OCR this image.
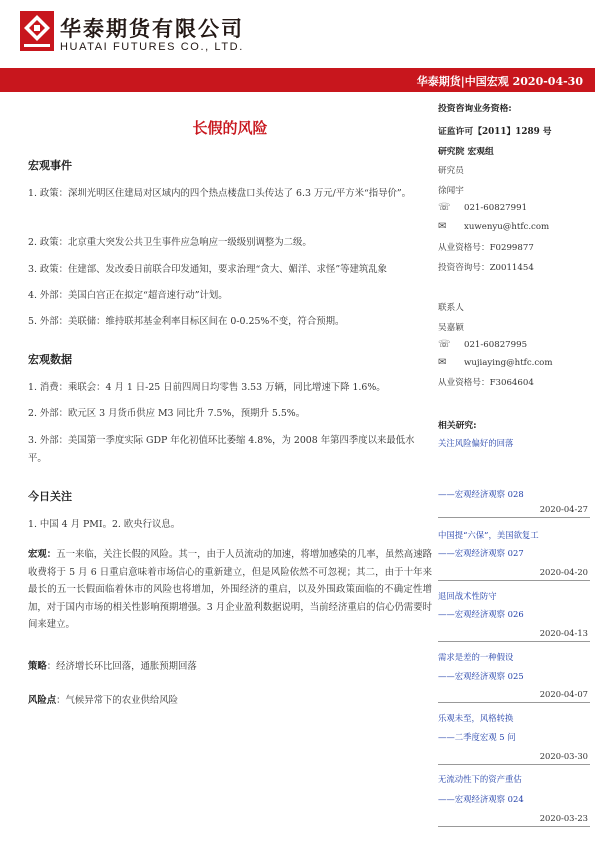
华泰期货有限公司
HUATAI FUTURES CO., LTD.
华泰期货|中国宏观 2020-04-30
长假的风险
宏观事件
1. 政策：深圳光明区住建局对区域内的四个热点楼盘口头传达了 6.3 万元/平方米“指导价”。
2. 政策：北京重大突发公共卫生事件应急响应一级级别调整为二级。
3. 政策：住建部、发改委日前联合印发通知，要求治理“贪大、媚洋、求怪”等建筑乱象
4. 外部：美国白宫正在拟定“超音速行动”计划。
5. 外部：美联储：维持联邦基金利率目标区间在 0-0.25%不变，符合预期。
宏观数据
1. 消费：乘联会：4 月 1 日-25 日前四周日均零售 3.53 万辆，同比增速下降 1.6%。
2. 外部：欧元区 3 月货币供应 M3 同比升 7.5%，预期升 5.5%。
3. 外部：美国第一季度实际 GDP 年化初值环比萎缩 4.8%，为 2008 年第四季度以来最低水平。
今日关注
1. 中国 4 月 PMI。2. 欧央行议息。
宏观：五一来临，关注长假的风险。其一，由于人员流动的加速，将增加感染的几率，虽然高速路收费将于 5 月 6 日重启意味着市场信心的重新建立，但是风险依然不可忽视；其二，由于十年来最长的五一长假面临着休市的风险也将增加，外围经济的重启，以及外围政策面临的不确定性增加，对于国内市场的相关性影响预期增强。3 月企业盈利数据说明，当前经济重启的信心仍需要时间来建立。
策略：经济增长环比回落，通胀预期回落
风险点：气候异常下的农业供给风险
投资咨询业务资格:
证监许可【2011】1289 号
研究院 宏观组
研究员
徐闻宇
☏ 021-60827991
✉ xuwenyu@htfc.com
从业资格号：F0299877
投资咨询号：Z0011454
联系人
吴嘉颖
☏ 021-60827995
✉ wujiaying@htfc.com
从业资格号：F3064604
相关研究:
关注风险偏好的回落
——宏观经济观察 028
2020-04-27
中国提“六保”，美国欲复工
——宏观经济观察 027
2020-04-20
退回战术性防守
——宏观经济观察 026
2020-04-13
需求是差的一种假设
——宏观经济观察 025
2020-04-07
乐观未至，风格转换
——二季度宏观 5 问
2020-03-30
无流动性下的资产重估
——宏观经济观察 024
2020-03-23
